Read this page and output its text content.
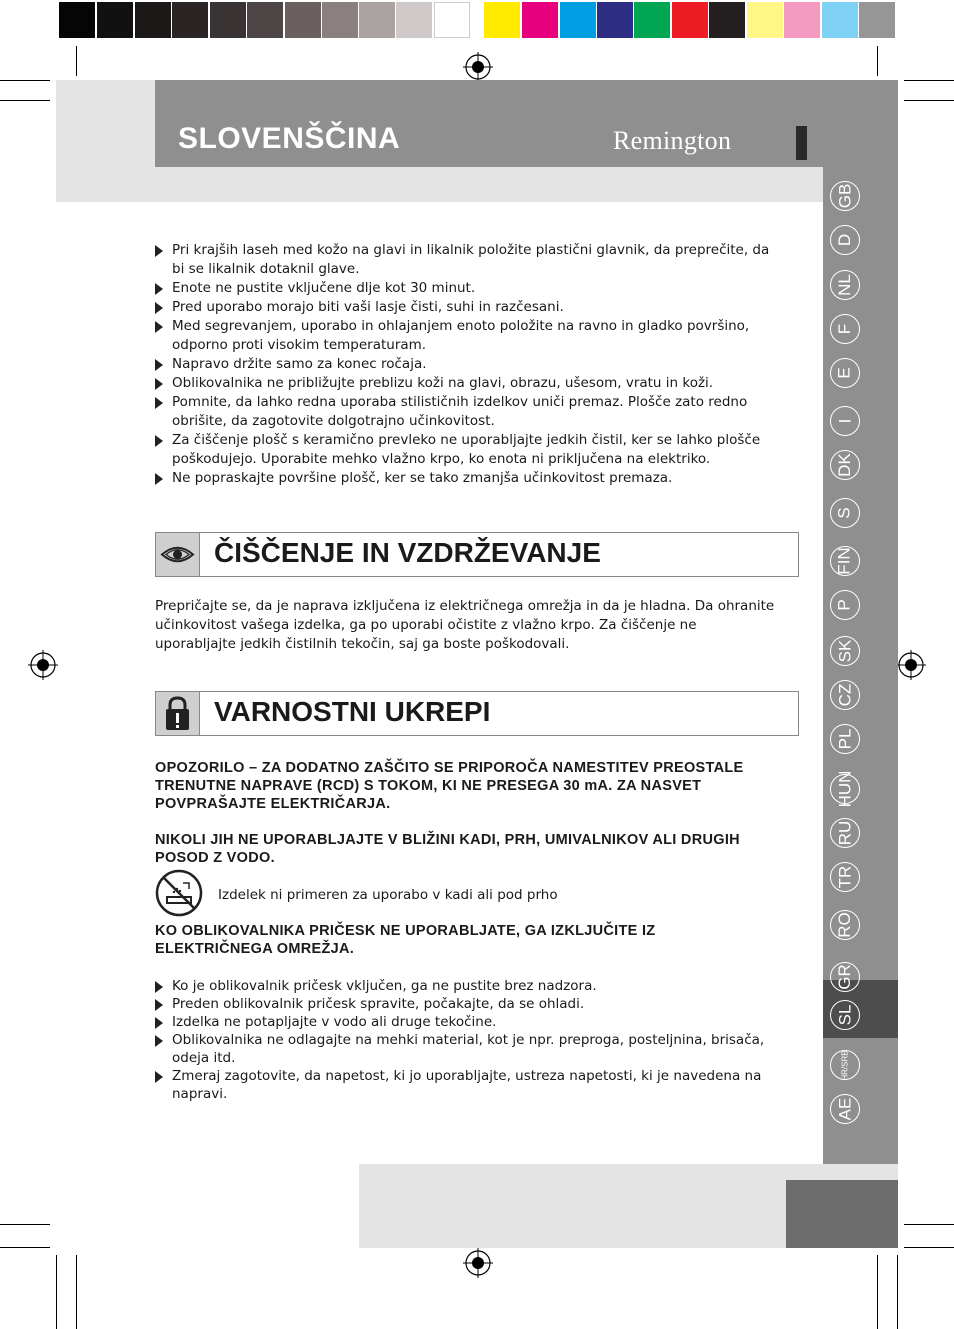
SLOVENŠČINA	Remington
GB
D
NL
F
E
I
DK
S
FIN
P
SK
CZ
PL
HUN
RU
TR
RO
GR
SL
HR/SRB
AE
Pri krajših laseh med kožo na glavi in likalnik položite plastični glavnik, da preprečite, da bi se likalnik dotaknil glave.
Enote ne pustite vključene dlje kot 30 minut.
Pred uporabo morajo biti vaši lasje čisti, suhi in razčesani.
Med segrevanjem, uporabo in ohlajanjem enoto položite na ravno in gladko površino, odporno proti visokim temperaturam.
Napravo držite samo za konec ročaja.
Oblikovalnika ne približujte preblizu koži na glavi, obrazu, ušesom, vratu in koži.
Pomnite, da lahko redna uporaba stilističnih izdelkov uniči premaz. Plošče zato redno obrišite, da zagotovite dolgotrajno učinkovitost.
Za čiščenje plošč s keramično prevleko ne uporabljajte jedkih čistil, ker se lahko plošče poškodujejo. Uporabite mehko vlažno krpo, ko enota ni priključena na elektriko.
Ne popraskajte površine plošč, ker se tako zmanjša učinkovitost premaza.
ČIŠČENJE IN VZDRŽEVANJE
Prepričajte se, da je naprava izključena iz električnega omrežja in da je hladna. Da ohranite učinkovitost vašega izdelka, ga po uporabi očistite z vlažno krpo. Za čiščenje ne uporabljajte jedkih čistilnih tekočin, saj ga boste poškodovali.
VARNOSTNI UKREPI
OPOZORILO – ZA DODATNO ZAŠČITO SE PRIPOROČA NAMESTITEV PREOSTALE TRENUTNE NAPRAVE (RCD) S TOKOM, KI NE PRESEGA 30 mA. ZA NASVET POVPRAŠAJTE ELEKTRIČARJA.
NIKOLI JIH NE UPORABLJAJTE V BLIŽINI KADI, PRH, UMIVALNIKOV ALI DRUGIH POSOD Z VODO.
Izdelek ni primeren za uporabo v kadi ali pod prho
KO OBLIKOVALNIKA PRIČESK NE UPORABLJATE, GA IZKLJUČITE IZ ELEKTRIČNEGA OMREŽJA.
Ko je oblikovalnik pričesk vključen, ga ne pustite brez nadzora.
Preden oblikovalnik pričesk spravite, počakajte, da se ohladi.
Izdelka ne potapljajte v vodo ali druge tekočine.
Oblikovalnika ne odlagajte na mehki material, kot je npr. preproga, posteljnina, brisača, odeja itd.
Zmeraj zagotovite, da napetost, ki jo uporabljajte, ustreza napetosti, ki je navedena na napravi.
